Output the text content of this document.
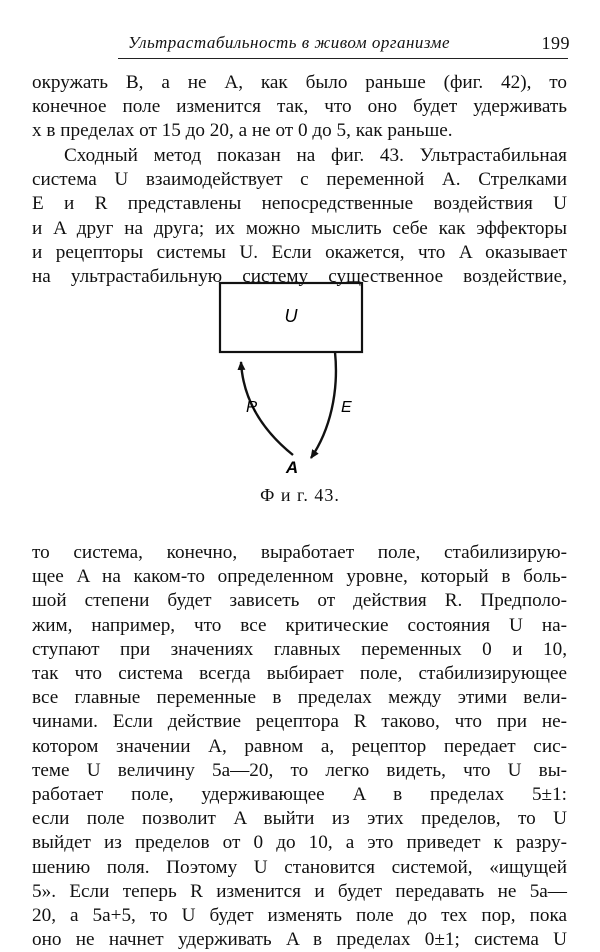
Ультрастабильность в живом организме	199
окружать B, а не A, как было раньше (фиг. 42), то
конечное поле изменится так, что оно будет удерживать
x в пределах от 15 до 20, а не от 0 до 5, как раньше.
Сходный метод показан на фиг. 43. Ультрастабильная
система U взаимодействует с переменной A. Стрелками
E и R представлены непосредственные воздействия U
и A друг на друга; их можно мыслить себе как эффекторы
и рецепторы системы U. Если окажется, что A оказывает
на ультрастабильную систему существенное воздействие,
U
R	E
A
Ф и г. 43.
то система, конечно, выработает поле, стабилизирую-
щее A на каком-то определенном уровне, который в боль-
шой степени будет зависеть от действия R. Предполо-
жим, например, что все критические состояния U на-
ступают при значениях главных переменных 0 и 10,
так что система всегда выбирает поле, стабилизирующее
все главные переменные в пределах между этими вели-
чинами. Если действие рецептора R таково, что при не-
котором значении A, равном a, рецептор передает сис-
теме U величину 5a—20, то легко видеть, что U вы-
работает поле, удерживающее A в пределах 5±1:
если поле позволит A выйти из этих пределов, то U
выйдет из пределов от 0 до 10, а это приведет к разру-
шению поля. Поэтому U становится системой, «ищущей
5». Если теперь R изменится и будет передавать не 5a—
20, а 5a+5, то U будет изменять поле до тех пор, пока
оно не начнет удерживать A в пределах 0±1; система U
